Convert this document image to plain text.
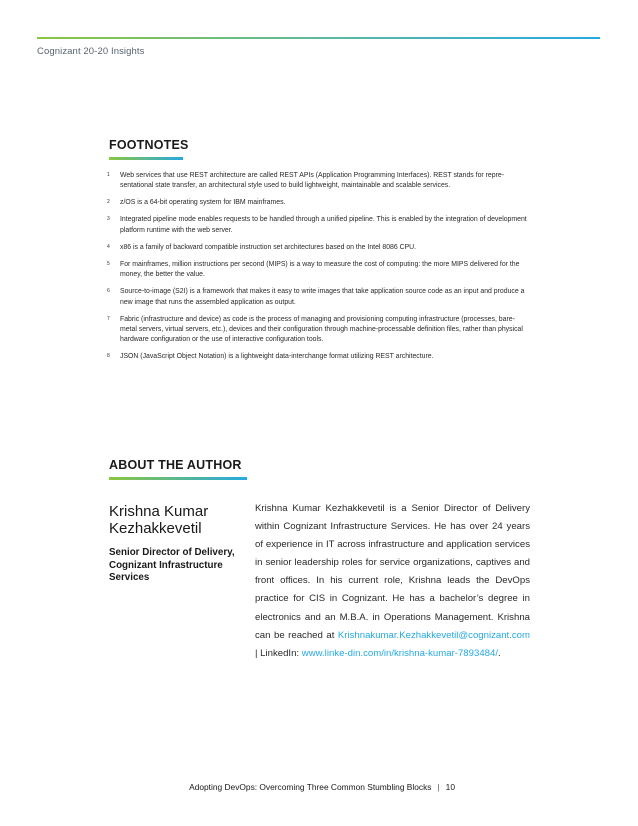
Cognizant 20-20 Insights
FOOTNOTES
1	Web services that use REST architecture are called REST APIs (Application Programming Interfaces). REST stands for repre-sentational state transfer, an architectural style used to build lightweight, maintainable and scalable services.
2	z/OS is a 64-bit operating system for IBM mainframes.
3	Integrated pipeline mode enables requests to be handled through a unified pipeline. This is enabled by the integration of development platform runtime with the web server.
4	x86 is a family of backward compatible instruction set architectures based on the Intel 8086 CPU.
5	For mainframes, million instructions per second (MIPS) is a way to measure the cost of computing: the more MIPS delivered for the money, the better the value.
6	Source-to-image (S2I) is a framework that makes it easy to write images that take application source code as an input and produce a new image that runs the assembled application as output.
7	Fabric (infrastructure and device) as code is the process of managing and provisioning computing infrastructure (processes, bare-metal servers, virtual servers, etc.), devices and their configuration through machine-processable definition files, rather than physical hardware configuration or the use of interactive configuration tools.
8	JSON (JavaScript Object Notation) is a lightweight data-interchange format utilizing REST architecture.
ABOUT THE AUTHOR
Krishna Kumar Kezhakkevetil
Senior Director of Delivery, Cognizant Infrastructure Services
Krishna Kumar Kezhakkevetil is a Senior Director of Delivery within Cognizant Infrastructure Services. He has over 24 years of experience in IT across infrastructure and application services in senior leadership roles for service organizations, captives and front offices. In his current role, Krishna leads the DevOps practice for CIS in Cognizant. He has a bachelor’s degree in electronics and an M.B.A. in Operations Management. Krishna can be reached at Krishnakumar.Kezhakkevetil@cognizant.com | LinkedIn: www.linke-din.com/in/krishna-kumar-7893484/.
Adopting DevOps: Overcoming Three Common Stumbling Blocks | 10
